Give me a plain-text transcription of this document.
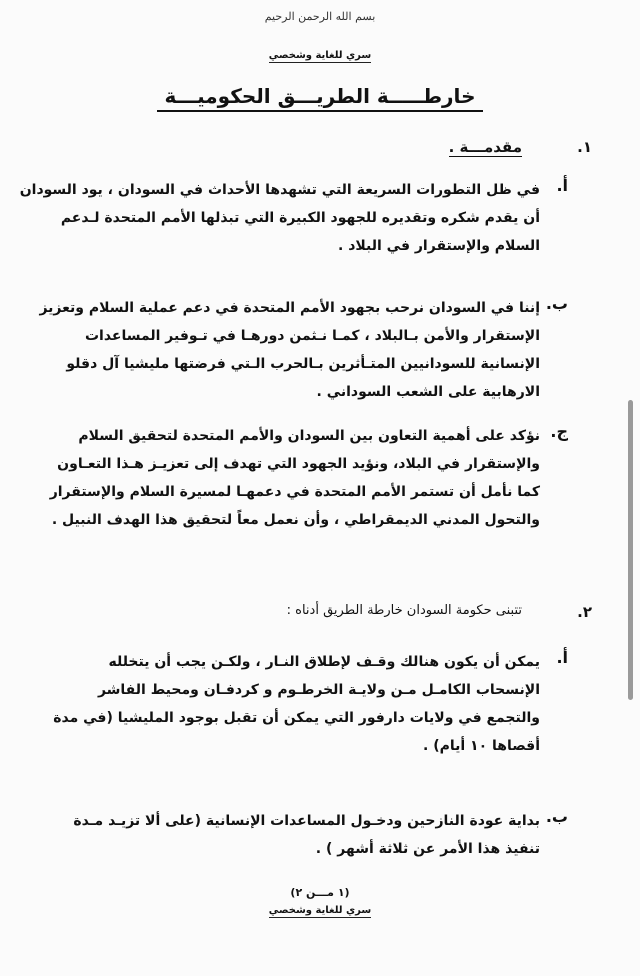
بسم الله الرحمن الرحيم
سري للغاية وشخصي
خارطـــــة الطريـــق الحكوميـــة
١.
مقدمـــة .
أ.
في ظل التطورات السريعة التي تشهدها الأحداث في السودان ، يود السودان
أن يقدم شكره وتقديره للجهود الكبيرة التي تبذلها الأمم المتحدة لـدعم
السلام والإستقرار في البلاد .
ب.
إننا في السودان نرحب بجهود الأمم المتحدة في دعم عملية السلام وتعزيز
الإستقرار والأمن بـالبلاد ، كمـا نـثمن دورهـا في تـوفير المساعدات
الإنسانية للسودانيين المتـأثرين بـالحرب الـتي فرضتها مليشيا آل دقلو
الارهابية على الشعب السوداني .
ج.
نؤكد على أهمية التعاون بين السودان والأمم المتحدة لتحقيق السلام
والإستقرار في البلاد، ونؤيد الجهود التي تهدف إلى تعزيـز هـذا التعـاون
كما نأمل أن تستمر الأمم المتحدة في دعمهـا لمسيرة السلام والإستقرار
والتحول المدني الديمقراطي ، وأن نعمل معاً لتحقيق هذا الهدف النبيل .
٢.
تتبنى حكومة السودان خارطة الطريق أدناه :
أ.
يمكن أن يكون هنالك وقـف لإطلاق النـار ، ولكـن يجب أن يتخلله
الإنسحاب الكامـل مـن ولايـة الخرطـوم و كردفـان ومحيط الفاشر
والتجمع في ولايات دارفور التي يمكن أن تقبل بوجود المليشيا (في مدة
أقصاها ١٠ أيام) .
ب.
بداية عودة النازحين ودخـول المساعدات الإنسانية (على ألا تزيـد مـدة
تنفيذ هذا الأمر عن ثلاثة أشهر ) .
(١ مـــن ٢)
سري للغاية وشخصي
